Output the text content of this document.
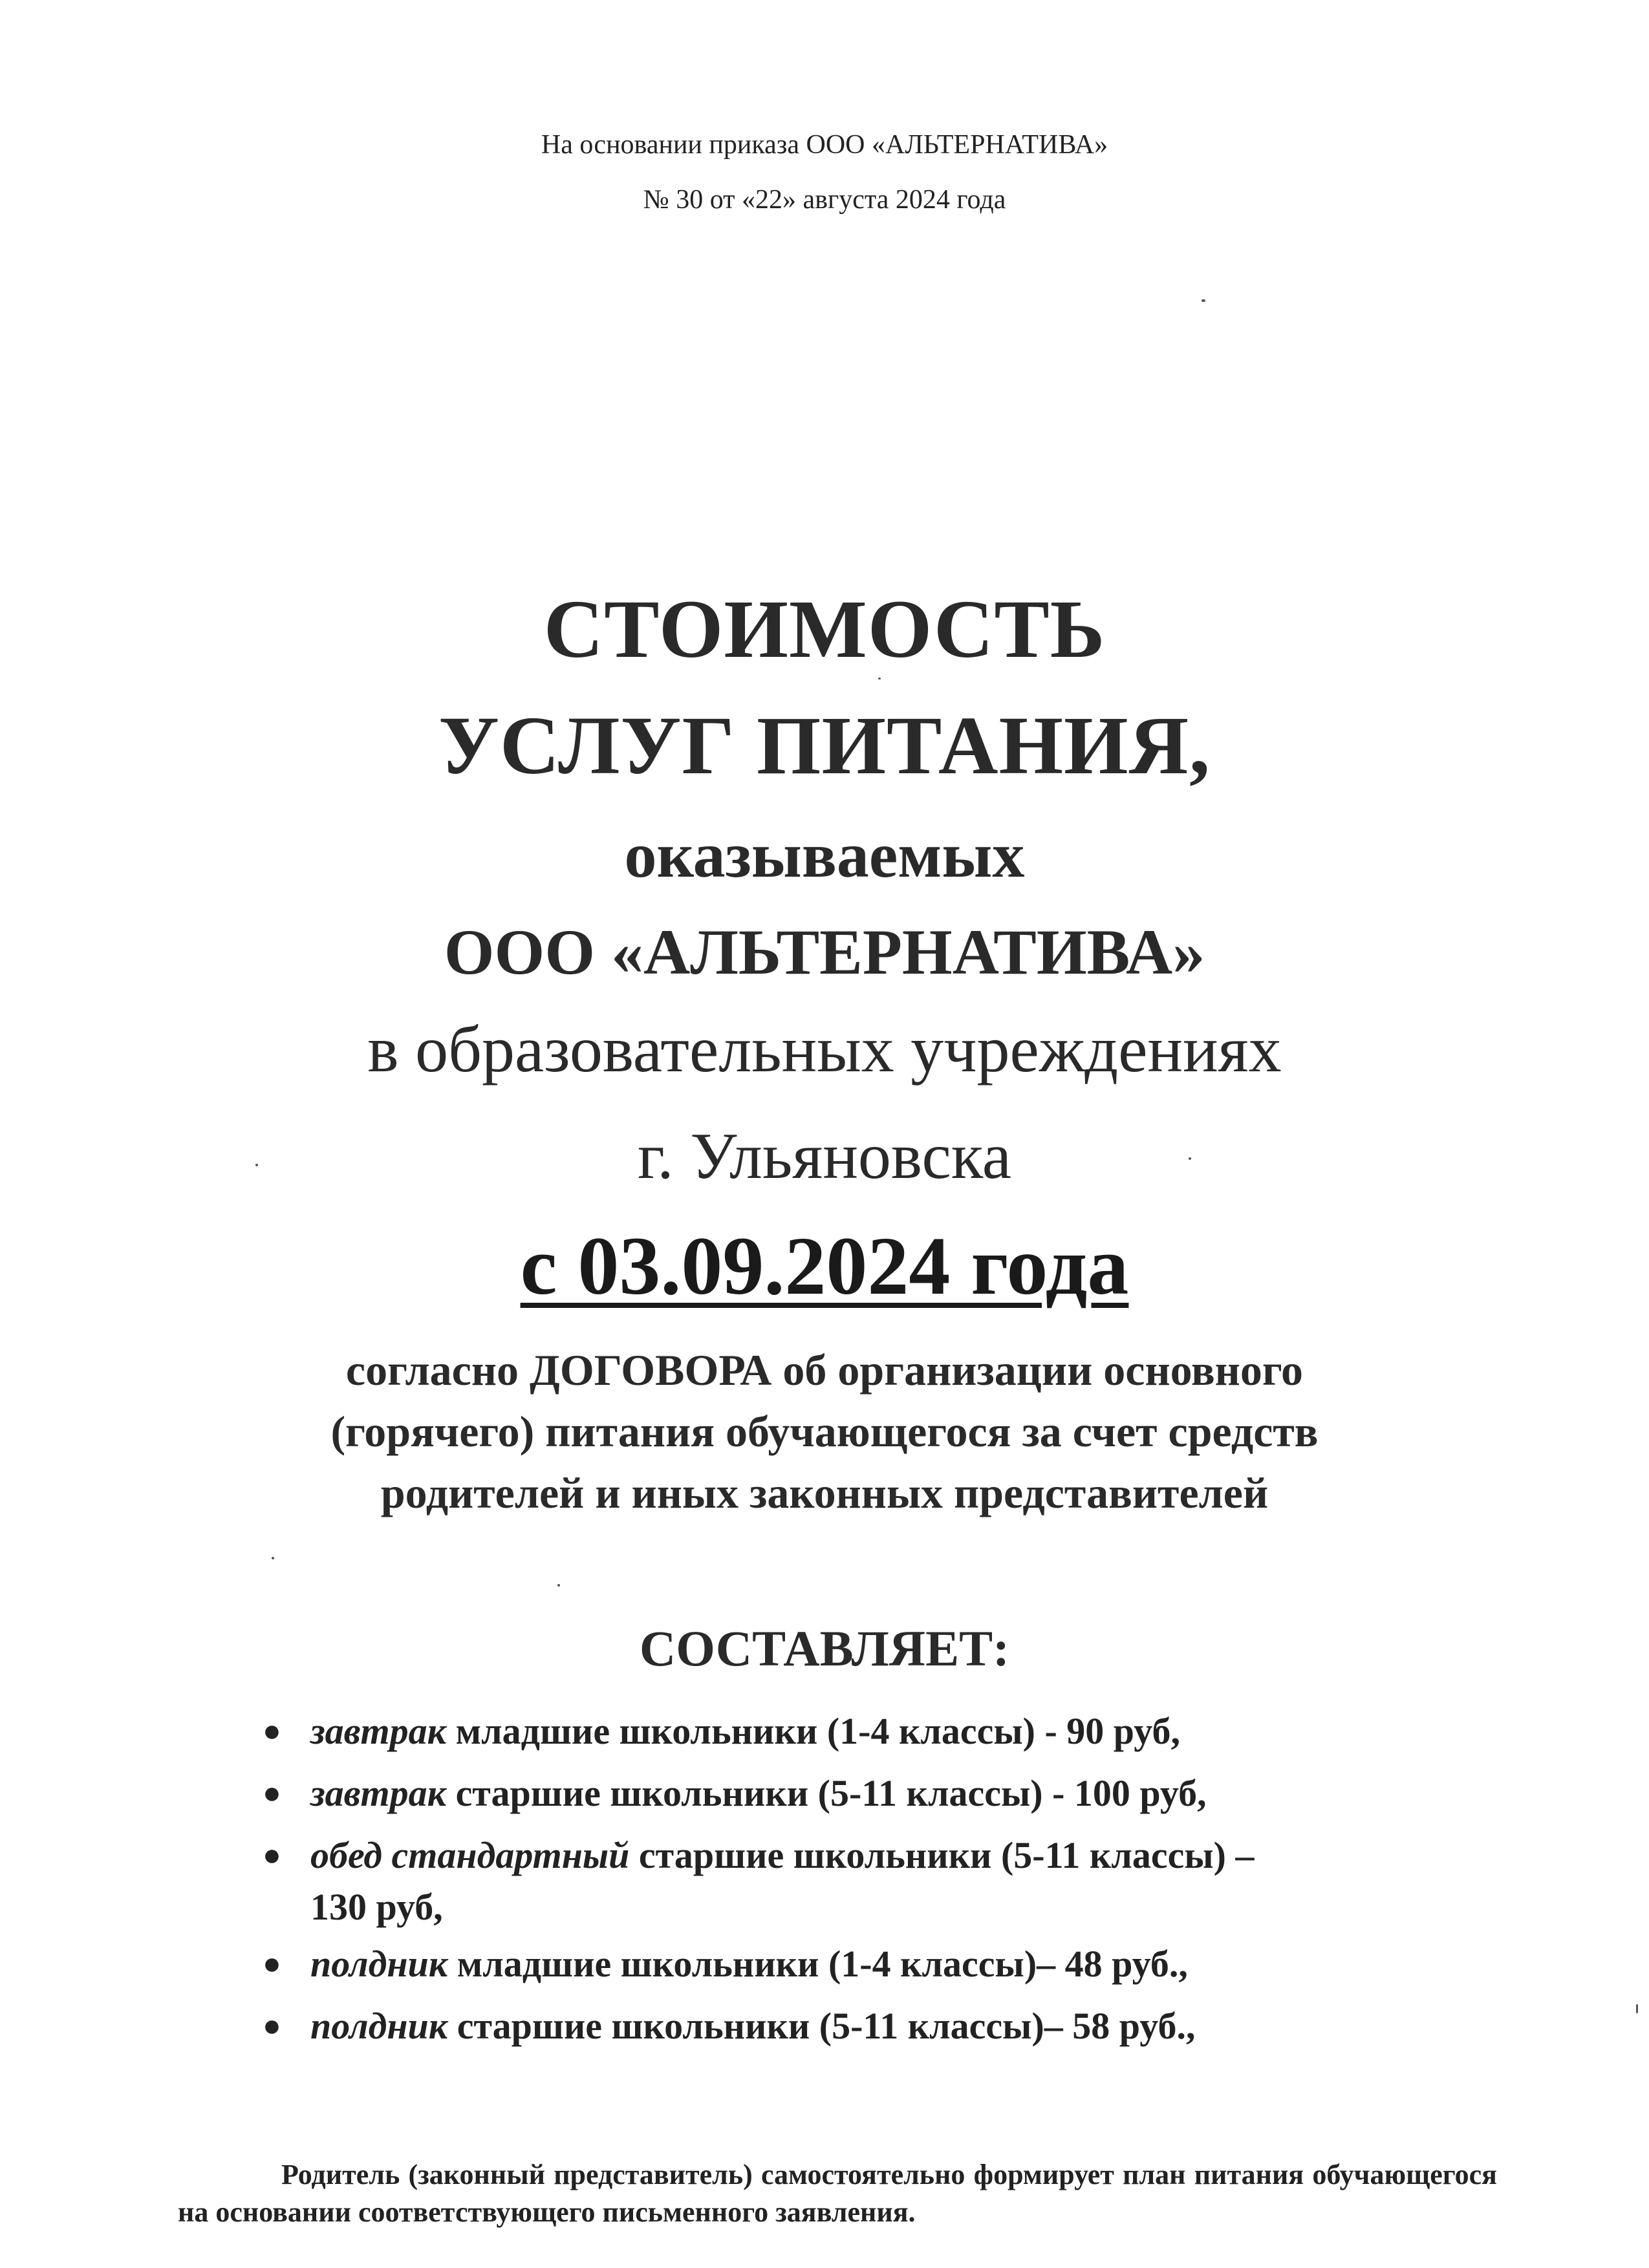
На основании приказа ООО «АЛЬТЕРНАТИВА»
№ 30 от «22» августа 2024 года
СТОИМОСТЬ
УСЛУГ ПИТАНИЯ,
оказываемых
ООО «АЛЬТЕРНАТИВА»
в образовательных учреждениях
г. Ульяновска
с 03.09.2024 года
согласно ДОГОВОРА об организации основного
(горячего) питания обучающегося за счет средств
родителей и иных законных представителей
СОСТАВЛЯЕТ:
● завтрак младшие школьники (1-4 классы) - 90 руб,
● завтрак старшие школьники (5-11 классы) - 100 руб,
● обед стандартный старшие школьники (5-11 классы) –
130 руб,
● полдник младшие школьники (1-4 классы)– 48 руб.,
● полдник старшие школьники (5-11 классы)– 58 руб.,
Родитель (законный представитель) самостоятельно формирует план питания обучающегося на основании соответствующего письменного заявления.
